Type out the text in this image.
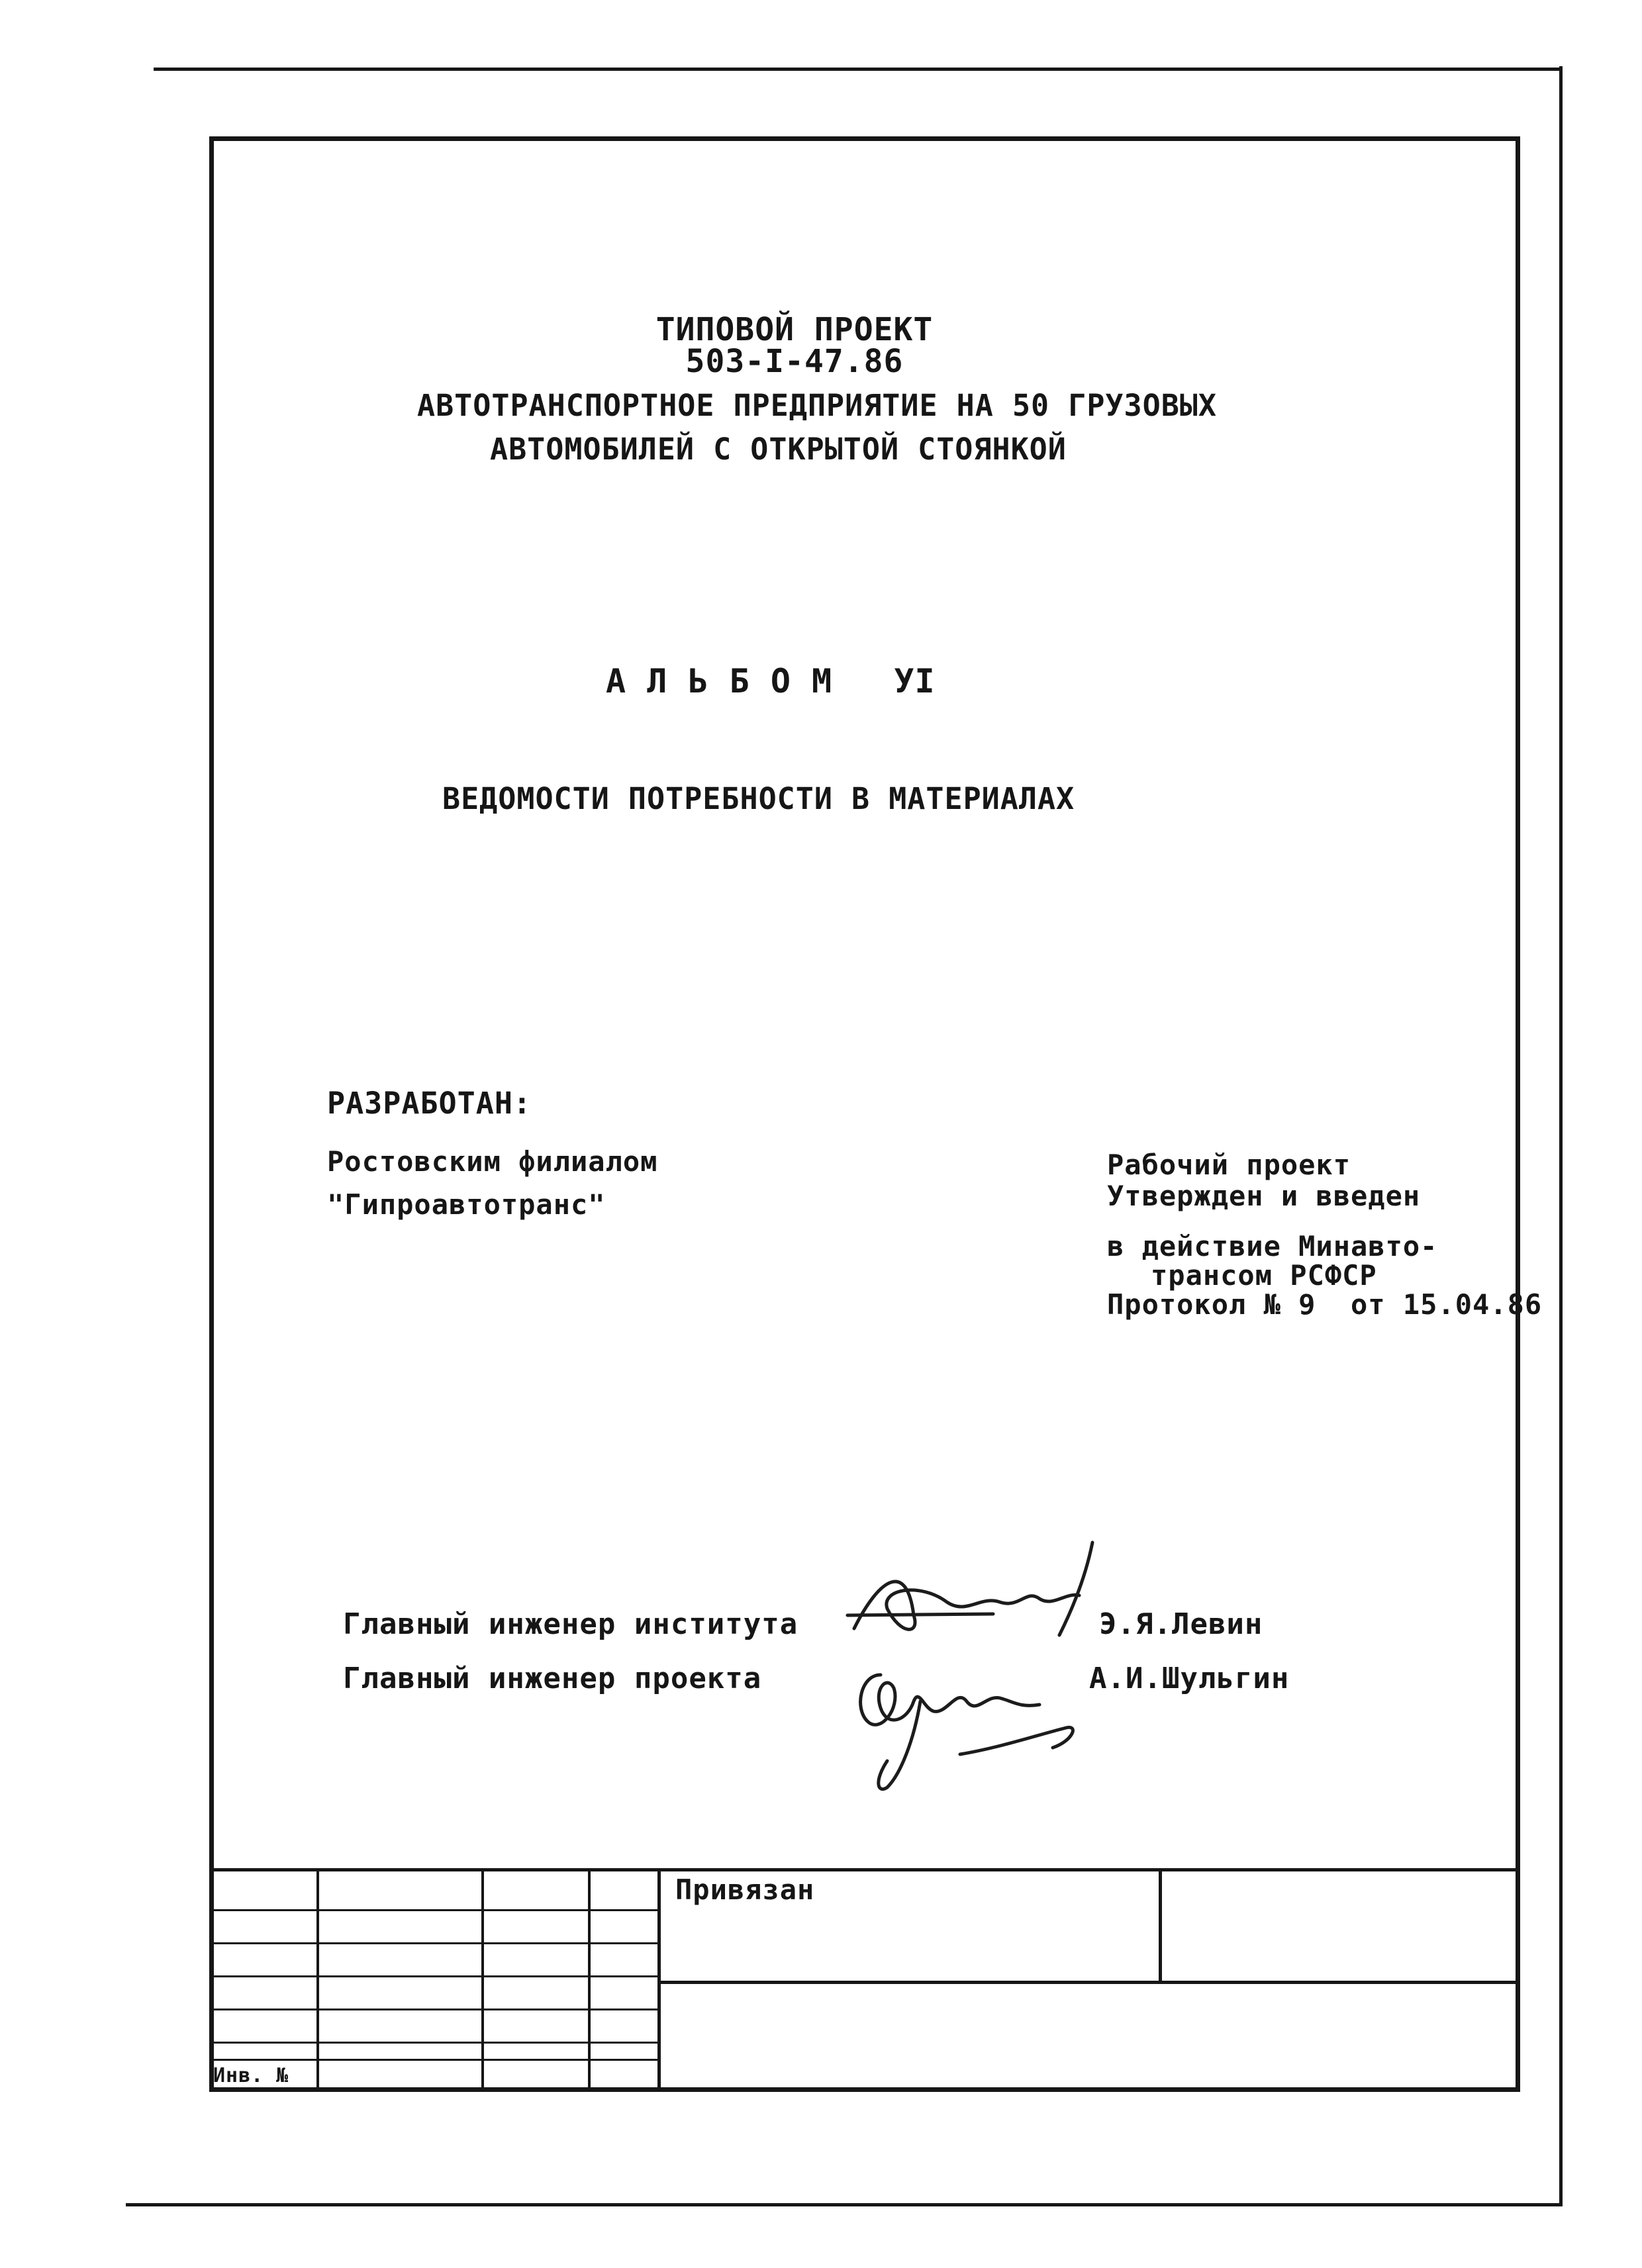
ТИПОВОЙ ПРОЕКТ
503-I-47.86
АВТОТРАНСПОРТНОЕ ПРЕДПРИЯТИЕ НА 50 ГРУЗОВЫХ
АВТОМОБИЛЕЙ С ОТКРЫТОЙ СТОЯНКОЙ
А Л Ь Б О М   УI
ВЕДОМОСТИ ПОТРЕБНОСТИ В МАТЕРИАЛАХ
РАЗРАБОТАН:
Ростовским филиалом
"Гипроавтотранс"
Рабочий проект
Утвержден и введен
в действие Минавто-
трансом РСФСР
Протокол № 9  от 15.04.86
Главный инженер института	Э.Я.Левин
Главный инженер проекта	А.И.Шульгин
Привязан
Инв. №
